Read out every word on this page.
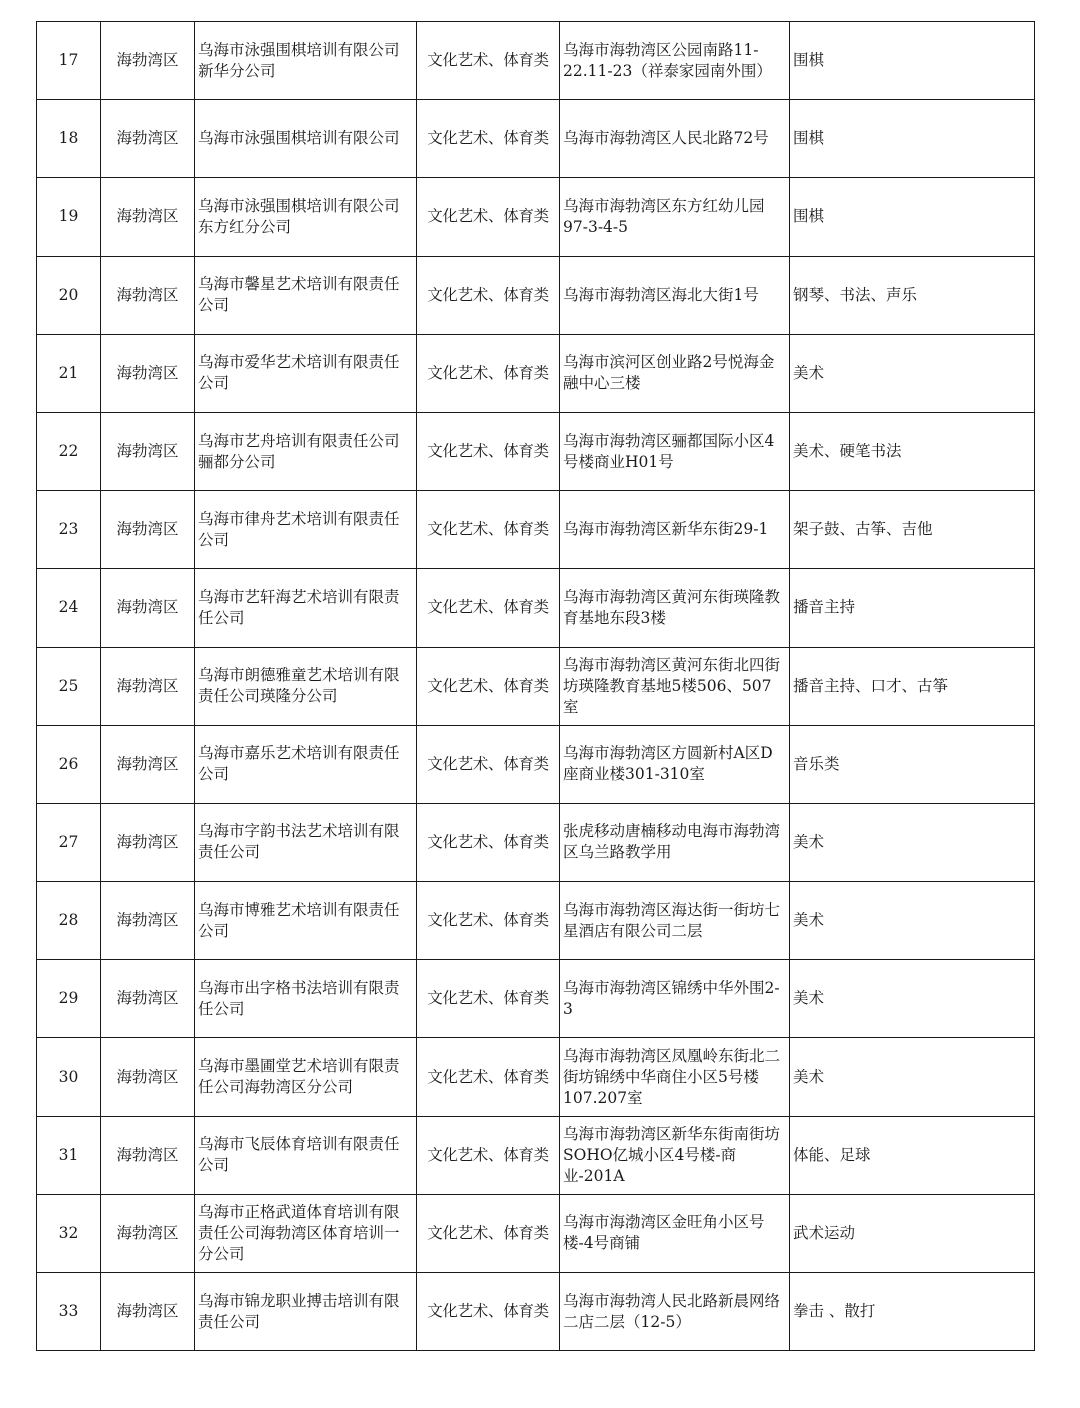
17	海勃湾区	乌海市泳强围棋培训有限公司新华分公司	文化艺术、体育类	乌海市海勃湾区公园南路11-22.11-23（祥泰家园南外围）	围棋
18	海勃湾区	乌海市泳强围棋培训有限公司	文化艺术、体育类	乌海市海勃湾区人民北路72号	围棋
19	海勃湾区	乌海市泳强围棋培训有限公司东方红分公司	文化艺术、体育类	乌海市海勃湾区东方红幼儿园97-3-4-5	围棋
20	海勃湾区	乌海市馨星艺术培训有限责任公司	文化艺术、体育类	乌海市海勃湾区海北大街1号	钢琴、书法、声乐
21	海勃湾区	乌海市爱华艺术培训有限责任公司	文化艺术、体育类	乌海市滨河区创业路2号悦海金融中心三楼	美术
22	海勃湾区	乌海市艺舟培训有限责任公司骊都分公司	文化艺术、体育类	乌海市海勃湾区骊都国际小区4号楼商业H01号	美术、硬笔书法
23	海勃湾区	乌海市律舟艺术培训有限责任公司	文化艺术、体育类	乌海市海勃湾区新华东街29-1	架子鼓、古筝、吉他
24	海勃湾区	乌海市艺轩海艺术培训有限责任公司	文化艺术、体育类	乌海市海勃湾区黄河东街瑛隆教育基地东段3楼	播音主持
25	海勃湾区	乌海市朗德雅童艺术培训有限责任公司瑛隆分公司	文化艺术、体育类	乌海市海勃湾区黄河东街北四街坊瑛隆教育基地5楼506、507室	播音主持、口才、古筝
26	海勃湾区	乌海市嘉乐艺术培训有限责任公司	文化艺术、体育类	乌海市海勃湾区方圆新村A区D座商业楼301-310室	音乐类
27	海勃湾区	乌海市字韵书法艺术培训有限责任公司	文化艺术、体育类	张虎移动唐楠移动电海市海勃湾区乌兰路教学用	美术
28	海勃湾区	乌海市博雅艺术培训有限责任公司	文化艺术、体育类	乌海市海勃湾区海达街一街坊七星酒店有限公司二层	美术
29	海勃湾区	乌海市出字格书法培训有限责任公司	文化艺术、体育类	乌海市海勃湾区锦绣中华外围2-3	美术
30	海勃湾区	乌海市墨圃堂艺术培训有限责任公司海勃湾区分公司	文化艺术、体育类	乌海市海勃湾区凤凰岭东街北二街坊锦绣中华商住小区5号楼107.207室	美术
31	海勃湾区	乌海市飞辰体育培训有限责任公司	文化艺术、体育类	乌海市海勃湾区新华东街南街坊SOHO亿城小区4号楼-商业-201A	体能、足球
32	海勃湾区	乌海市正格武道体育培训有限责任公司海勃湾区体育培训一分公司	文化艺术、体育类	乌海市海渤湾区金旺角小区号楼-4号商铺	武术运动
33	海勃湾区	乌海市锦龙职业搏击培训有限责任公司	文化艺术、体育类	乌海市海勃湾人民北路新晨网络二店二层（12-5）	拳击 、散打
